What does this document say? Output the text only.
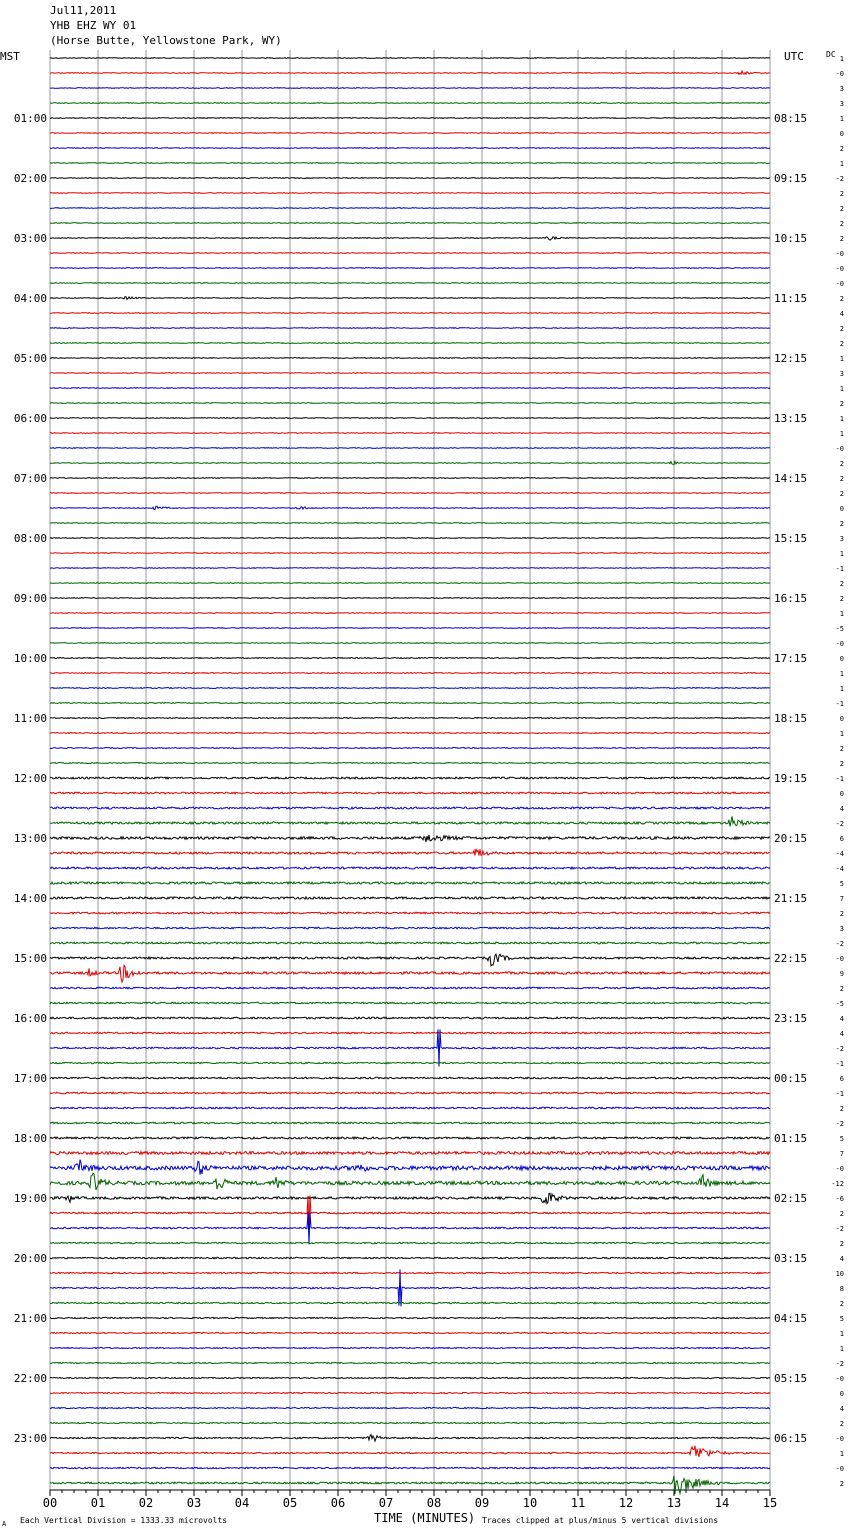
Jul11,2011
YHB EHZ WY 01
(Horse Butte, Yellowstone Park, WY)
MST	UTC	DC
00	01	02	03	04	05	06	07	08	09	10	11	12	13	14	15
1
-0
3
3
1
0
2
1
-2
2
2
2
2
-0
-0
-0
2
4
2
2
1
3
1
2
1
1
-0
2
2
2
0
2
3
1
-1
2
2
1
-5
-0
0
1
1
-1
0
1
2
2
-1
0
4
-2
6
-4
-4
5
7
2
3
-2
-0
9
2
-5
4
4
-2
-1
6
-1
2
-2
5
7
-0
-12
-6
2
-2
2
4
10
8
2
5
1
1
-2
-0
0
4
2
-0
1
-0
2
01:00	08:15
02:00	09:15
03:00	10:15
04:00	11:15
05:00	12:15
06:00	13:15
07:00	14:15
08:00	15:15
09:00	16:15
10:00	17:15
11:00	18:15
12:00	19:15
13:00	20:15
14:00	21:15
15:00	22:15
16:00	23:15
17:00	00:15
18:00	01:15
19:00	02:15
20:00	03:15
21:00	04:15
22:00	05:15
23:00	06:15
TIME (MINUTES)
Each Vertical Division = 1333.33 microvolts	Traces clipped at plus/minus 5 vertical divisions
A
